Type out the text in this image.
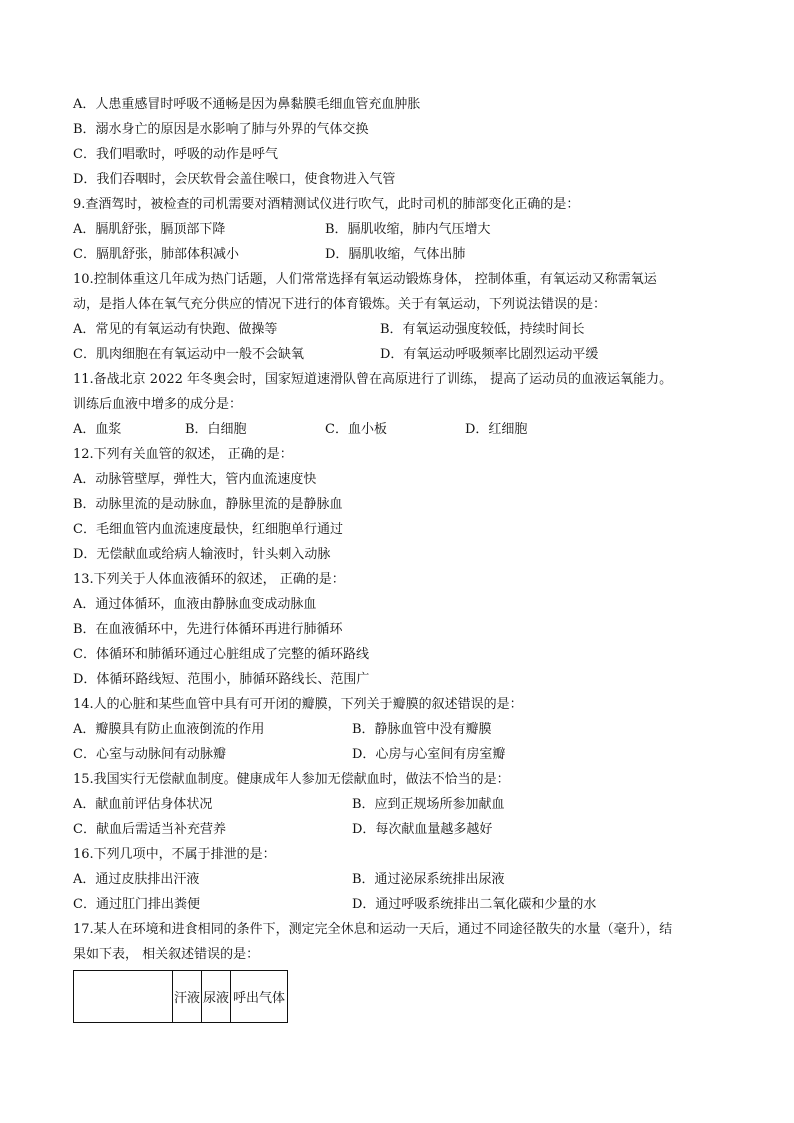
A．人患重感冒时呼吸不通畅是因为鼻黏膜毛细血管充血肿胀
B．溺水身亡的原因是水影响了肺与外界的气体交换
C．我们唱歌时，呼吸的动作是呼气
D．我们吞咽时，会厌软骨会盖住喉口，使食物进入气管
9.查酒驾时，被检查的司机需要对酒精测试仪进行吹气，此时司机的肺部变化正确的是：
A．膈肌舒张，膈顶部下降	B．膈肌收缩，肺内气压增大
C．膈肌舒张，肺部体积减小	D．膈肌收缩，气体出肺
10.控制体重这几年成为热门话题，人们常常选择有氧运动锻炼身体， 控制体重，有氧运动又称需氧运
动，是指人体在氧气充分供应的情况下进行的体育锻炼。关于有氧运动，下列说法错误的是：
A．常见的有氧运动有快跑、做操等	B．有氧运动强度较低，持续时间长
C．肌肉细胞在有氧运动中一般不会缺氧	D．有氧运动呼吸频率比剧烈运动平缓
11.备战北京 2022 年冬奥会时，国家短道速滑队曾在高原进行了训练， 提高了运动员的血液运氧能力。
训练后血液中增多的成分是：
A．血浆	B．白细胞	C．血小板	D．红细胞
12.下列有关血管的叙述， 正确的是：
A．动脉管壁厚，弹性大，管内血流速度快
B．动脉里流的是动脉血，静脉里流的是静脉血
C．毛细血管内血流速度最快，红细胞单行通过
D．无偿献血或给病人输液时，针头刺入动脉
13.下列关于人体血液循环的叙述， 正确的是：
A．通过体循环，血液由静脉血变成动脉血
B．在血液循环中，先进行体循环再进行肺循环
C．体循环和肺循环通过心脏组成了完整的循环路线
D．体循环路线短、范围小，肺循环路线长、范围广
14.人的心脏和某些血管中具有可开闭的瓣膜，下列关于瓣膜的叙述错误的是：
A．瓣膜具有防止血液倒流的作用	B．静脉血管中没有瓣膜
C．心室与动脉间有动脉瓣	D．心房与心室间有房室瓣
15.我国实行无偿献血制度。健康成年人参加无偿献血时，做法不恰当的是：
A．献血前评估身体状况	B．应到正规场所参加献血
C．献血后需适当补充营养	D．每次献血量越多越好
16.下列几项中，不属于排泄的是：
A．通过皮肤排出汗液	B．通过泌尿系统排出尿液
C．通过肛门排出粪便	D．通过呼吸系统排出二氧化碳和少量的水
17.某人在环境和进食相同的条件下，测定完全休息和运动一天后，通过不同途径散失的水量（毫升），结
果如下表， 相关叙述错误的是：
	汗液	尿液	呼出气体
